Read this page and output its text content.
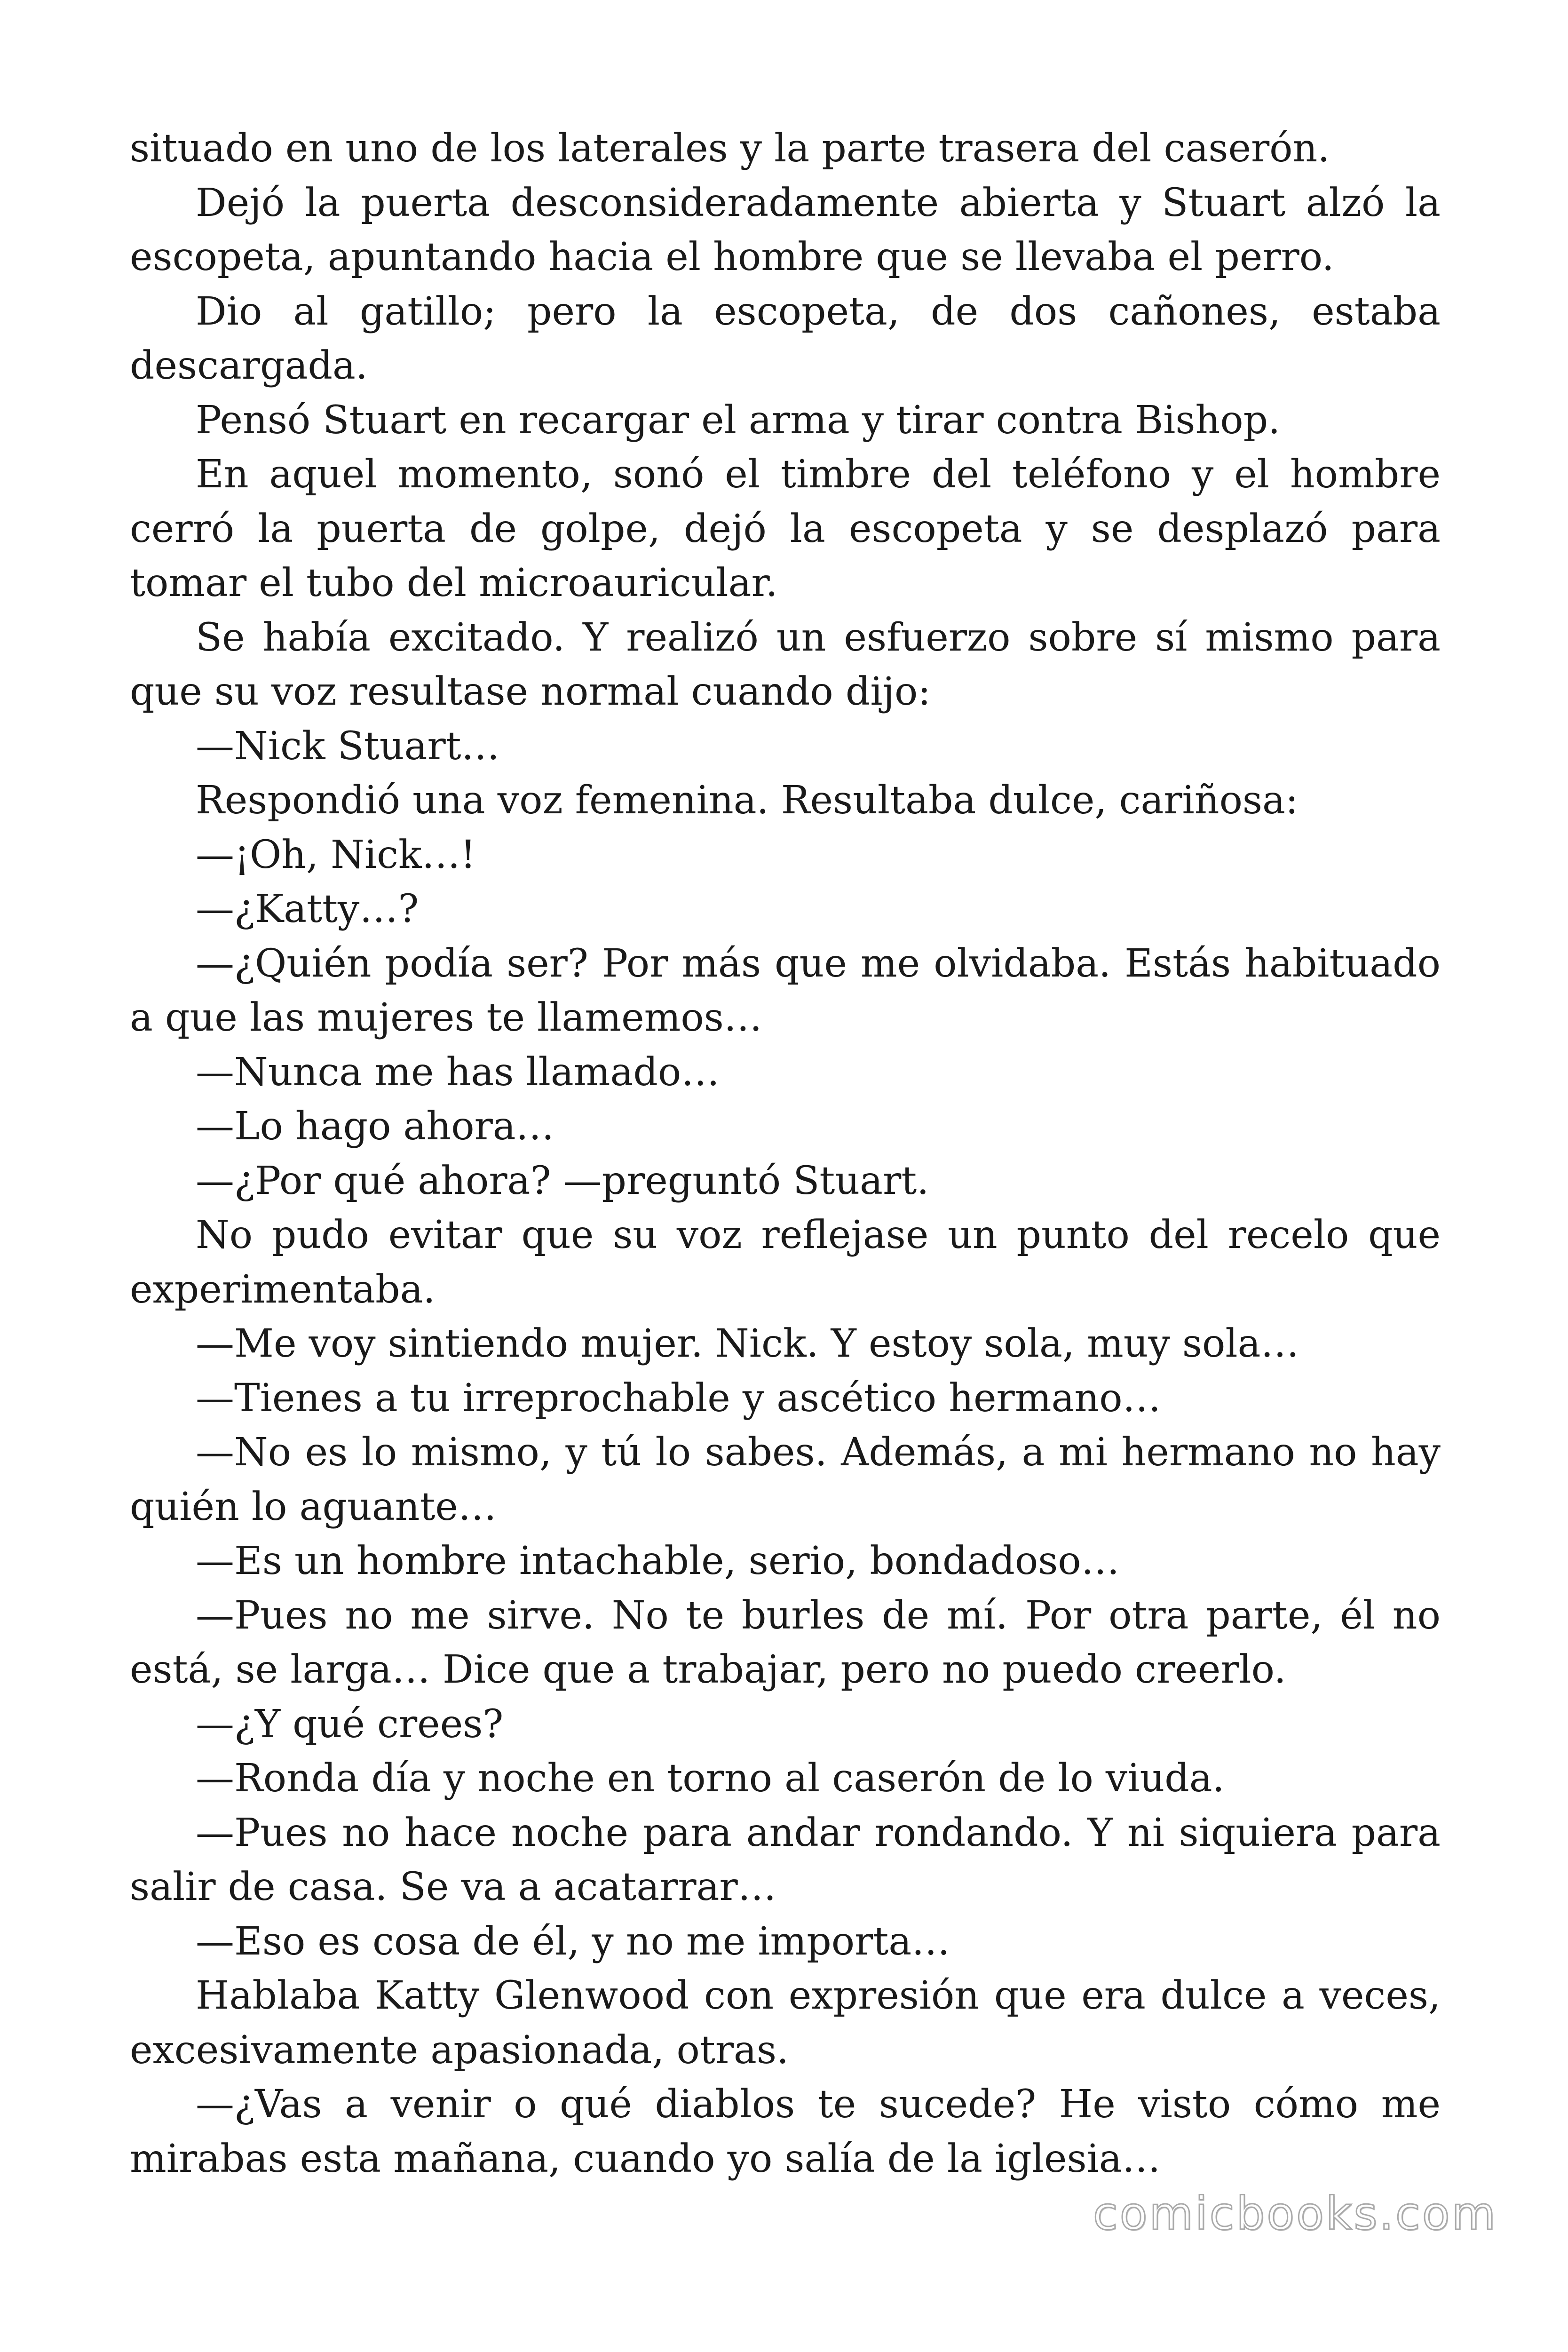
situado en uno de los laterales y la parte trasera del caserón.

Dejó la puerta desconsideradamente abierta y Stuart alzó la escopeta, apuntando hacia el hombre que se llevaba el perro.

Dio al gatillo; pero la escopeta, de dos cañones, estaba descargada.

Pensó Stuart en recargar el arma y tirar contra Bishop.

En aquel momento, sonó el timbre del teléfono y el hombre cerró la puerta de golpe, dejó la escopeta y se desplazó para tomar el tubo del microauricular.

Se había excitado. Y realizó un esfuerzo sobre sí mismo para que su voz resultase normal cuando dijo:

—Nick Stuart…

Respondió una voz femenina. Resultaba dulce, cariñosa:

—¡Oh, Nick…!

—¿Katty…?

—¿Quién podía ser? Por más que me olvidaba. Estás habituado a que las mujeres te llamemos…

—Nunca me has llamado…

—Lo hago ahora…

—¿Por qué ahora? —preguntó Stuart.

No pudo evitar que su voz reflejase un punto del recelo que experimentaba.

—Me voy sintiendo mujer. Nick. Y estoy sola, muy sola…

—Tienes a tu irreprochable y ascético hermano…

—No es lo mismo, y tú lo sabes. Además, a mi hermano no hay quién lo aguante…

—Es un hombre intachable, serio, bondadoso…

—Pues no me sirve. No te burles de mí. Por otra parte, él no está, se larga… Dice que a trabajar, pero no puedo creerlo.

—¿Y qué crees?

—Ronda día y noche en torno al caserón de lo viuda.

—Pues no hace noche para andar rondando. Y ni siquiera para salir de casa. Se va a acatarrar…

—Eso es cosa de él, y no me importa…

Hablaba Katty Glenwood con expresión que era dulce a veces, excesivamente apasionada, otras.

—¿Vas a venir o qué diablos te sucede? He visto cómo me mirabas esta mañana, cuando yo salía de la iglesia…

comicbooks.com
